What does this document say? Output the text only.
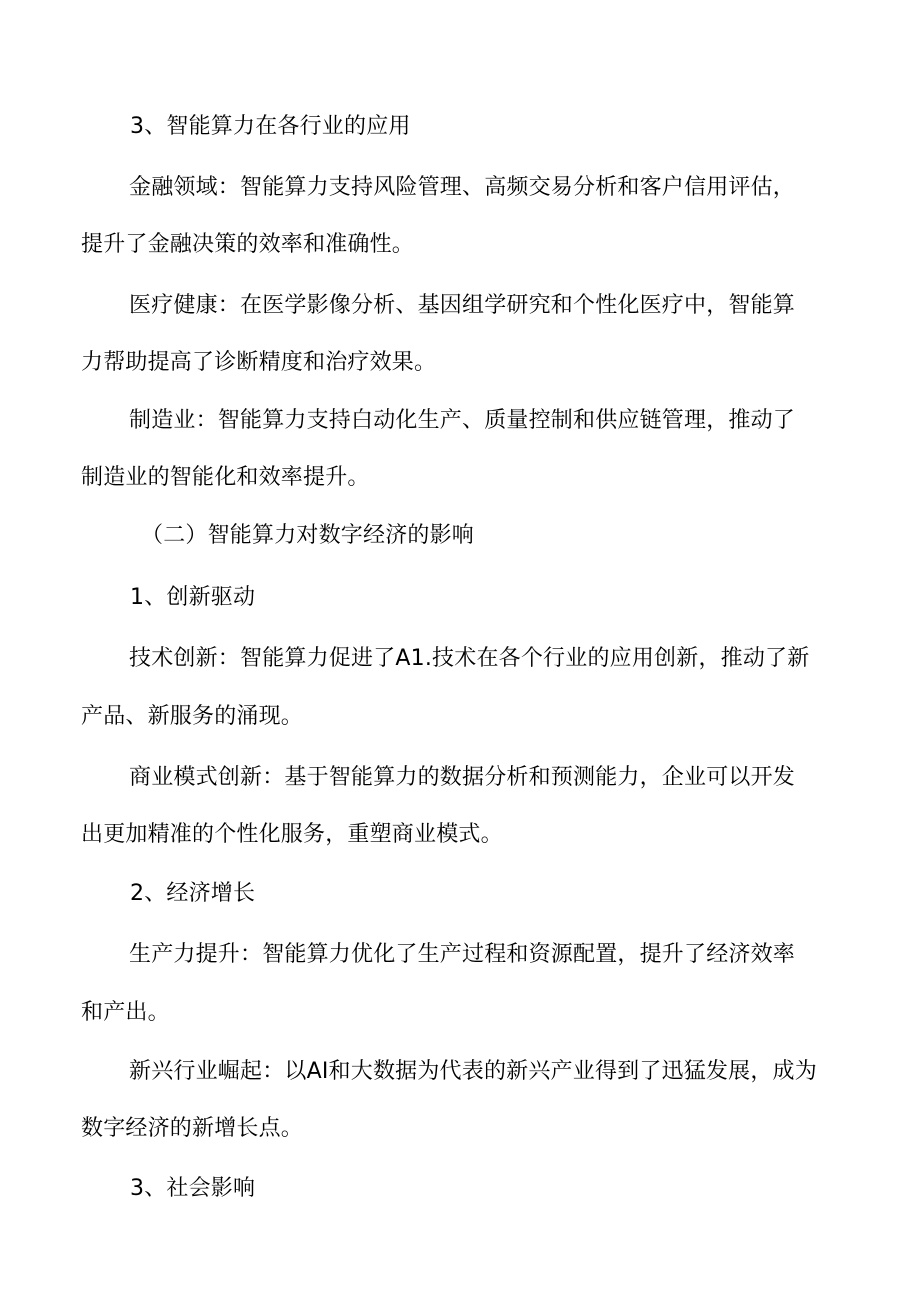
3、智能算力在各行业的应用
金融领域：智能算力支持风险管理、高频交易分析和客户信用评估，
提升了金融决策的效率和准确性。
医疗健康：在医学影像分析、基因组学研究和个性化医疗中，智能算
力帮助提高了诊断精度和治疗效果。
制造业：智能算力支持白动化生产、质量控制和供应链管理，推动了
制造业的智能化和效率提升。
（二）智能算力对数字经济的影响
1、创新驱动
技术创新：智能算力促进了A1.技术在各个行业的应用创新，推动了新
产品、新服务的涌现。
商业模式创新：基于智能算力的数据分析和预测能力，企业可以开发
出更加精准的个性化服务，重塑商业模式。
2、经济增长
生产力提升：智能算力优化了生产过程和资源配置，提升了经济效率
和产出。
新兴行业崛起：以AI和大数据为代表的新兴产业得到了迅猛发展，成为
数字经济的新增长点。
3、社会影响
